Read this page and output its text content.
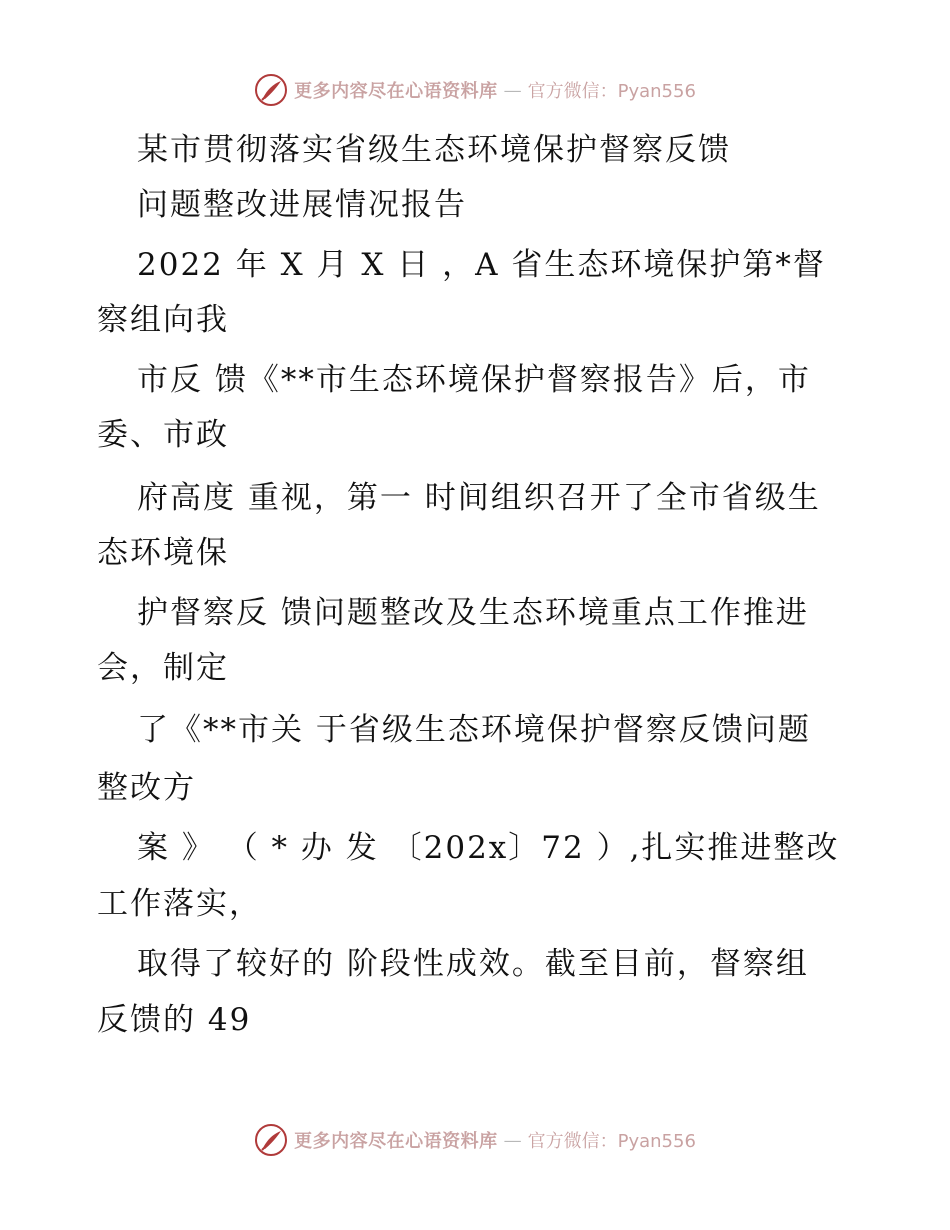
更多内容尽在心语资料库 — 官方微信：Pyan556
某市贯彻落实省级生态环境保护督察反馈
问题整改进展情况报告
2022 年 X 月 X 日 ，A 省生态环境保护第*督
察组向我
市反 馈《**市生态环境保护督察报告》后，市
委、市政
府高度 重视，第一 时间组织召开了全市省级生
态环境保
护督察反 馈问题整改及生态环境重点工作推进
会，制定
了《**市关 于省级生态环境保护督察反馈问题
整改方
案 》 （ * 办 发 〔202x〕72 ）,扎实推进整改
工作落实，
取得了较好的 阶段性成效。截至目前，督察组
反馈的 49
更多内容尽在心语资料库 — 官方微信：Pyan556
